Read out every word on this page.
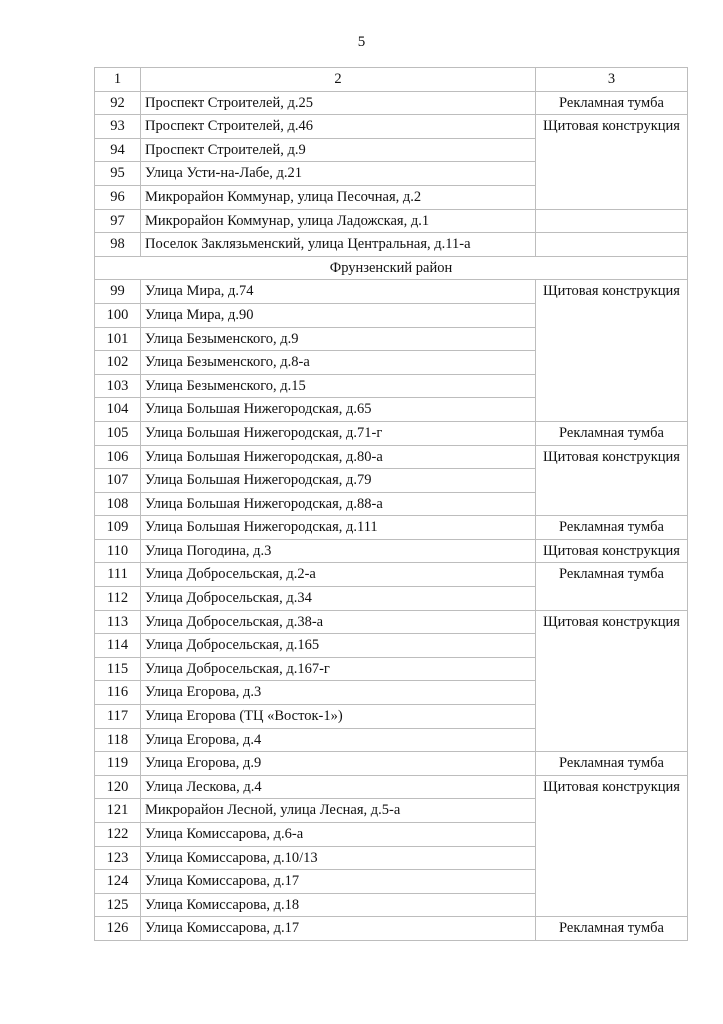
5
1	2	3
92	Проспект Строителей, д.25	Рекламная тумба
93	Проспект Строителей, д.46	Щитовая конструкция
94	Проспект Строителей, д.9	
95	Улица Усти-на-Лабе, д.21	
96	Микрорайон Коммунар, улица Песочная, д.2	
97	Микрорайон Коммунар, улица Ладожская, д.1	
98	Поселок Заклязьменский, улица Центральная, д.11-а	
Фрунзенский район		
99	Улица Мира, д.74	Щитовая конструкция
100	Улица Мира, д.90	
101	Улица Безыменского, д.9	
102	Улица Безыменского, д.8-а	
103	Улица Безыменского, д.15	
104	Улица Большая Нижегородская, д.65	
105	Улица Большая Нижегородская, д.71-г	Рекламная тумба
106	Улица Большая Нижегородская, д.80-а	Щитовая конструкция
107	Улица Большая Нижегородская, д.79	
108	Улица Большая Нижегородская, д.88-а	
109	Улица Большая Нижегородская, д.111	Рекламная тумба
110	Улица Погодина, д.3	Щитовая конструкция
111	Улица Добросельская, д.2-а	Рекламная тумба
112	Улица Добросельская, д.34	
113	Улица Добросельская, д.38-а	Щитовая конструкция
114	Улица Добросельская, д.165	
115	Улица Добросельская, д.167-г	
116	Улица Егорова, д.3	
117	Улица Егорова (ТЦ «Восток-1»)	
118	Улица Егорова, д.4	
119	Улица Егорова, д.9	Рекламная тумба
120	Улица Лескова, д.4	Щитовая конструкция
121	Микрорайон Лесной, улица Лесная, д.5-а	
122	Улица Комиссарова, д.6-а	
123	Улица Комиссарова, д.10/13	
124	Улица Комиссарова, д.17	
125	Улица Комиссарова, д.18	
126	Улица Комиссарова, д.17	Рекламная тумба
